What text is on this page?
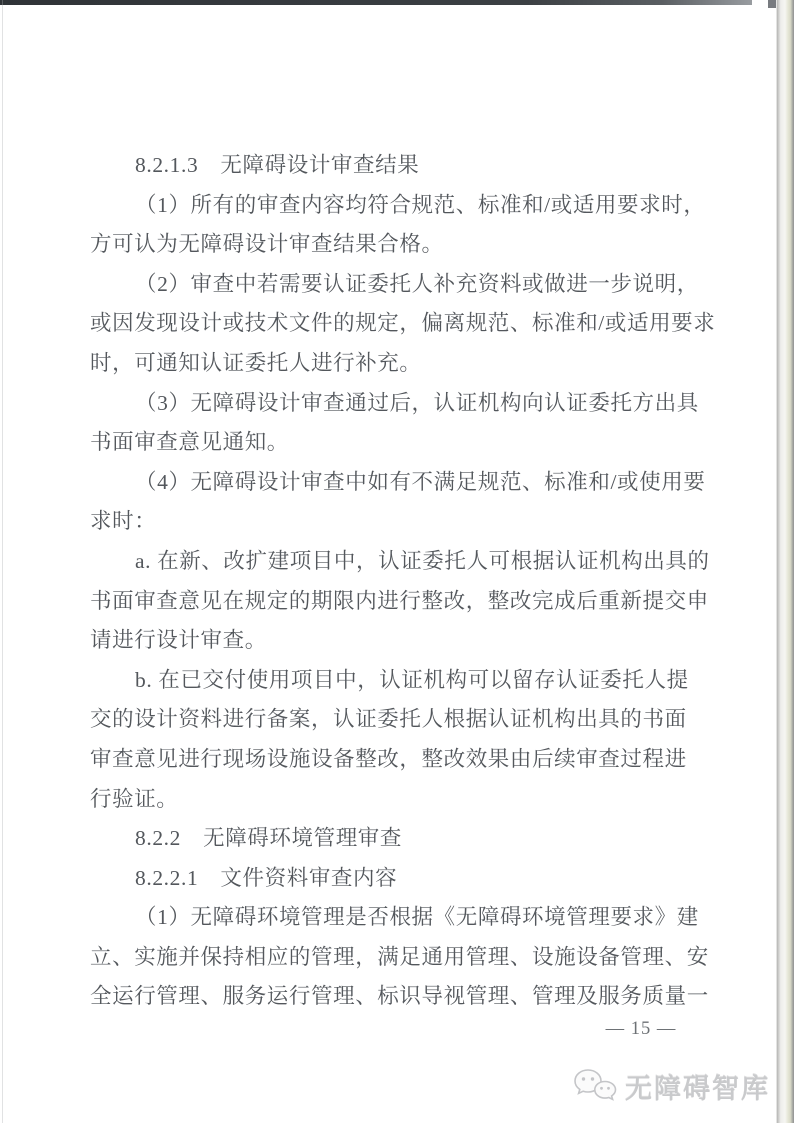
8.2.1.3　无障碍设计审查结果
（1）所有的审查内容均符合规范、标准和/或适用要求时，
方可认为无障碍设计审查结果合格。
（2）审查中若需要认证委托人补充资料或做进一步说明，
或因发现设计或技术文件的规定，偏离规范、标准和/或适用要求
时，可通知认证委托人进行补充。
（3）无障碍设计审查通过后，认证机构向认证委托方出具
书面审查意见通知。
（4）无障碍设计审查中如有不满足规范、标准和/或使用要
求时：
a. 在新、改扩建项目中，认证委托人可根据认证机构出具的
书面审查意见在规定的期限内进行整改，整改完成后重新提交申
请进行设计审查。
b. 在已交付使用项目中，认证机构可以留存认证委托人提
交的设计资料进行备案，认证委托人根据认证机构出具的书面
审查意见进行现场设施设备整改，整改效果由后续审查过程进
行验证。
8.2.2　无障碍环境管理审查
8.2.2.1　文件资料审查内容
（1）无障碍环境管理是否根据《无障碍环境管理要求》建
立、实施并保持相应的管理，满足通用管理、设施设备管理、安
全运行管理、服务运行管理、标识导视管理、管理及服务质量一
— 15 —
无障碍智库
